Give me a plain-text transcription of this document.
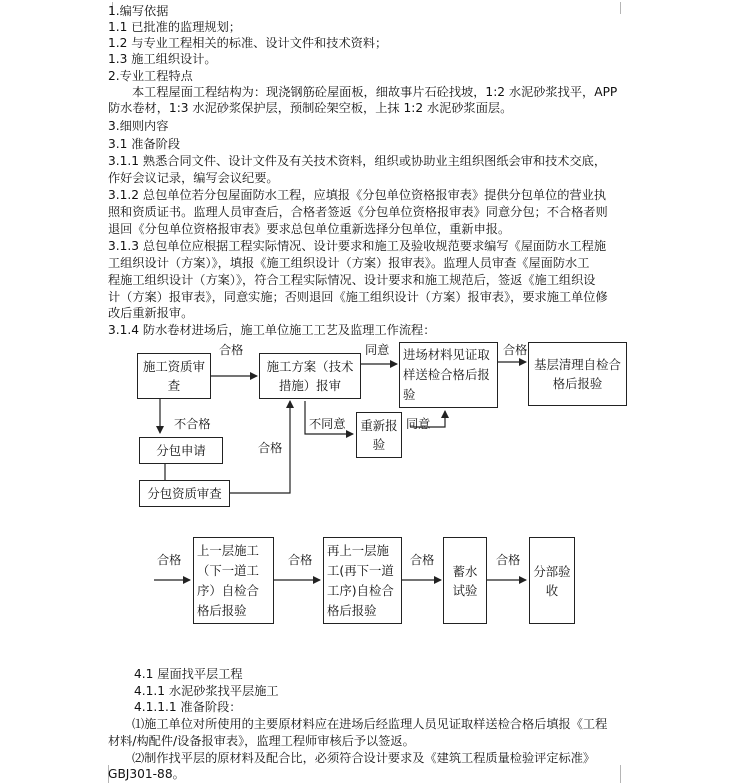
1.编写依据
1.1 已批准的监理规划；
1.2 与专业工程相关的标准、设计文件和技术资料；
1.3 施工组织设计。
2.专业工程特点
本工程屋面工程结构为：现浇钢筋砼屋面板，细故事片石砼找坡，1:2 水泥砂浆找平，APP
防水卷材，1:3 水泥砂浆保护层，预制砼架空板，上抹 1:2 水泥砂浆面层。
3.细则内容
3.1 准备阶段
3.1.1 熟悉合同文件、设计文件及有关技术资料，组织或协助业主组织图纸会审和技术交底，
作好会议记录，编写会议纪要。
3.1.2 总包单位若分包屋面防水工程，应填报《分包单位资格报审表》提供分包单位的营业执
照和资质证书。监理人员审查后，合格者签返《分包单位资格报审表》同意分包；不合格者则
退回《分包单位资格报审表》要求总包单位重新选择分包单位，重新申报。
3.1.3 总包单位应根据工程实际情况、设计要求和施工及验收规范要求编写《屋面防水工程施
工组织设计（方案）》，填报《施工组织设计（方案）报审表》。监理人员审查《屋面防水工
程施工组织设计（方案）》，符合工程实际情况、设计要求和施工规范后，签返《施工组织设
计（方案）报审表》，同意实施；否则退回《施工组织设计（方案）报审表》，要求施工单位修
改后重新报审。
3.1.4 防水卷材进场后，施工单位施工工艺及监理工作流程：
施工资质审查
施工方案（技术措施）报审
进场材料见证取样送检合格后报验
基层清理自检合格后报验
分包申请
分包资质审查
重新报验
合格	同意	合格
不合格	不同意	同意
合格
合格
上一层施工（下一道工序）自检合格后报验
合格
再上一层施工(再下一道工序)自检合格后报验
合格
蓄水试验
合格
分部验收
4.1 屋面找平层工程
4.1.1 水泥砂浆找平层施工
4.1.1.1 准备阶段：
⑴施工单位对所使用的主要原材料应在进场后经监理人员见证取样送检合格后填报《工程
材料/构配件/设备报审表》，监理工程师审核后予以签返。
⑵制作找平层的原材料及配合比，必须符合设计要求及《建筑工程质量检验评定标准》
GBJ301-88。
